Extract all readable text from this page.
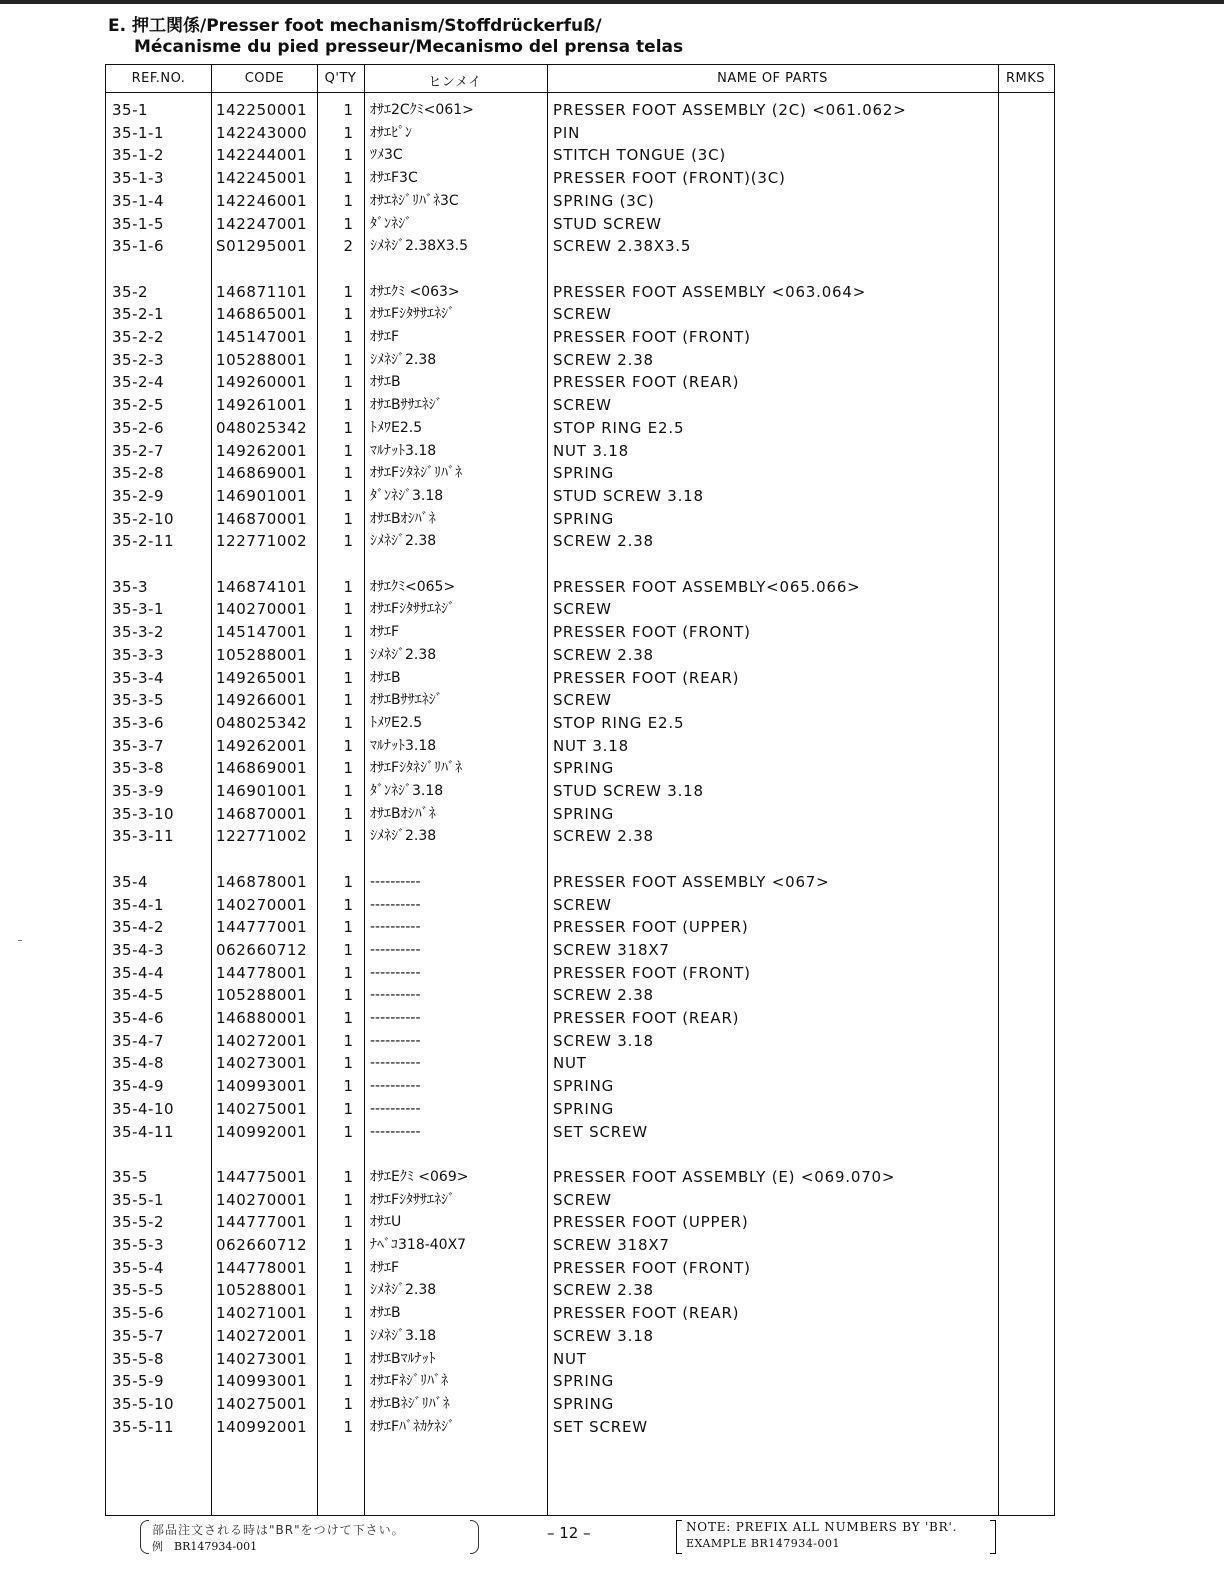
E. 押工関係/Presser foot mechanism/Stoffdrückerfuß/
Mécanisme du pied presseur/Mecanismo del prensa telas
REF.NO.	CODE	Q'TY	ヒンメイ	NAME OF PARTS	RMKS
35-1	142250001	1 ｵｻｴ2Cｸﾐ<061>	PRESSER FOOT ASSEMBLY (2C) <061.062>
35-1-1	142243000	1 ｵｻｴﾋﾟﾝ	PIN
35-1-2	142244001	1 ﾂﾒ3C	STITCH TONGUE (3C)
35-1-3	142245001	1 ｵｻｴF3C	PRESSER FOOT (FRONT)(3C)
35-1-4	142246001	1 ｵｻｴﾈｼﾞﾘﾊﾞﾈ3C	SPRING (3C)
35-1-5	142247001	1 ﾀﾞﾝﾈｼﾞ	STUD SCREW
35-1-6	S01295001	2 ｼﾒﾈｼﾞ2.38X3.5	SCREW 2.38X3.5
35-2	146871101	1 ｵｻｴｸﾐ <063>	PRESSER FOOT ASSEMBLY <063.064>
35-2-1	146865001	1 ｵｻｴFｼﾀｻｻｴﾈｼﾞ	SCREW
35-2-2	145147001	1 ｵｻｴF	PRESSER FOOT (FRONT)
35-2-3	105288001	1 ｼﾒﾈｼﾞ2.38	SCREW 2.38
35-2-4	149260001	1 ｵｻｴB	PRESSER FOOT (REAR)
35-2-5	149261001	1 ｵｻｴBｻｻｴﾈｼﾞ	SCREW
35-2-6	048025342	1 ﾄﾒﾜE2.5	STOP RING E2.5
35-2-7	149262001	1 ﾏﾙﾅｯﾄ3.18	NUT 3.18
35-2-8	146869001	1 ｵｻｴFｼﾀﾈｼﾞﾘﾊﾞﾈ	SPRING
35-2-9	146901001	1 ﾀﾞﾝﾈｼﾞ3.18	STUD SCREW 3.18
35-2-10	146870001	1 ｵｻｴBｵｼﾊﾞﾈ	SPRING
35-2-11	122771002	1 ｼﾒﾈｼﾞ2.38	SCREW 2.38
35-3	146874101	1 ｵｻｴｸﾐ<065>	PRESSER FOOT ASSEMBLY<065.066>
35-3-1	140270001	1 ｵｻｴFｼﾀｻｻｴﾈｼﾞ	SCREW
35-3-2	145147001	1 ｵｻｴF	PRESSER FOOT (FRONT)
35-3-3	105288001	1 ｼﾒﾈｼﾞ2.38	SCREW 2.38
35-3-4	149265001	1 ｵｻｴB	PRESSER FOOT (REAR)
35-3-5	149266001	1 ｵｻｴBｻｻｴﾈｼﾞ	SCREW
35-3-6	048025342	1 ﾄﾒﾜE2.5	STOP RING E2.5
35-3-7	149262001	1 ﾏﾙﾅｯﾄ3.18	NUT 3.18
35-3-8	146869001	1 ｵｻｴFｼﾀﾈｼﾞﾘﾊﾞﾈ	SPRING
35-3-9	146901001	1 ﾀﾞﾝﾈｼﾞ3.18	STUD SCREW 3.18
35-3-10	146870001	1 ｵｻｴBｵｼﾊﾞﾈ	SPRING
35-3-11	122771002	1 ｼﾒﾈｼﾞ2.38	SCREW 2.38
35-4	146878001	1 ----------	PRESSER FOOT ASSEMBLY <067>
35-4-1	140270001	1 ----------	SCREW
35-4-2	144777001	1 ----------	PRESSER FOOT (UPPER)
35-4-3	062660712	1 ----------	SCREW 318X7
35-4-4	144778001	1 ----------	PRESSER FOOT (FRONT)
35-4-5	105288001	1 ----------	SCREW 2.38
35-4-6	146880001	1 ----------	PRESSER FOOT (REAR)
35-4-7	140272001	1 ----------	SCREW 3.18
35-4-8	140273001	1 ----------	NUT
35-4-9	140993001	1 ----------	SPRING
35-4-10	140275001	1 ----------	SPRING
35-4-11	140992001	1 ----------	SET SCREW
35-5	144775001	1 ｵｻｴEｸﾐ <069>	PRESSER FOOT ASSEMBLY (E) <069.070>
35-5-1	140270001	1 ｵｻｴFｼﾀｻｻｴﾈｼﾞ	SCREW
35-5-2	144777001	1 ｵｻｴU	PRESSER FOOT (UPPER)
35-5-3	062660712	1 ﾅﾍﾞｺ318-40X7	SCREW 318X7
35-5-4	144778001	1 ｵｻｴF	PRESSER FOOT (FRONT)
35-5-5	105288001	1 ｼﾒﾈｼﾞ2.38	SCREW 2.38
35-5-6	140271001	1 ｵｻｴB	PRESSER FOOT (REAR)
35-5-7	140272001	1 ｼﾒﾈｼﾞ3.18	SCREW 3.18
35-5-8	140273001	1 ｵｻｴBﾏﾙﾅｯﾄ	NUT
35-5-9	140993001	1 ｵｻｴFﾈｼﾞﾘﾊﾞﾈ	SPRING
35-5-10	140275001	1 ｵｻｴBﾈｼﾞﾘﾊﾞﾈ	SPRING
35-5-11	140992001	1 ｵｻｴFﾊﾞﾈｶｹﾈｼﾞ	SET SCREW
部品注文される時は"BR"をつけて下さい。
例　BR147934-001
– 12 –	NOTE: PREFIX ALL NUMBERS BY 'BR'.
EXAMPLE BR147934-001
